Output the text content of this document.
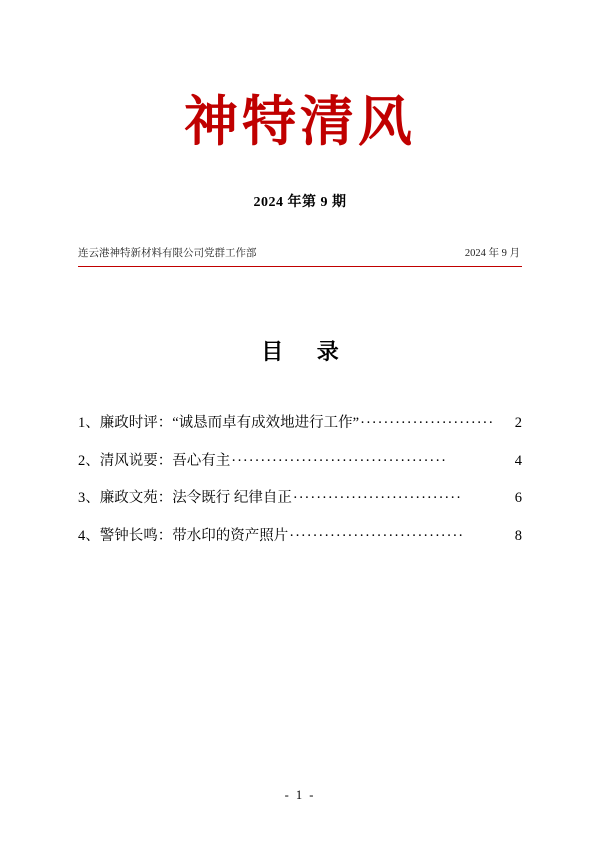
神特清风
2024 年第 9 期
连云港神特新材料有限公司党群工作部	2024 年 9 月
目 录
1、廉政时评：“诚恳而卓有成效地进行工作” ·······················	2
2、清风说要：吾心有主 ·····································	4
3、廉政文苑：法令既行 纪律自正 ·····························	6
4、警钟长鸣：带水印的资产照片 ······························	8
- 1 -
